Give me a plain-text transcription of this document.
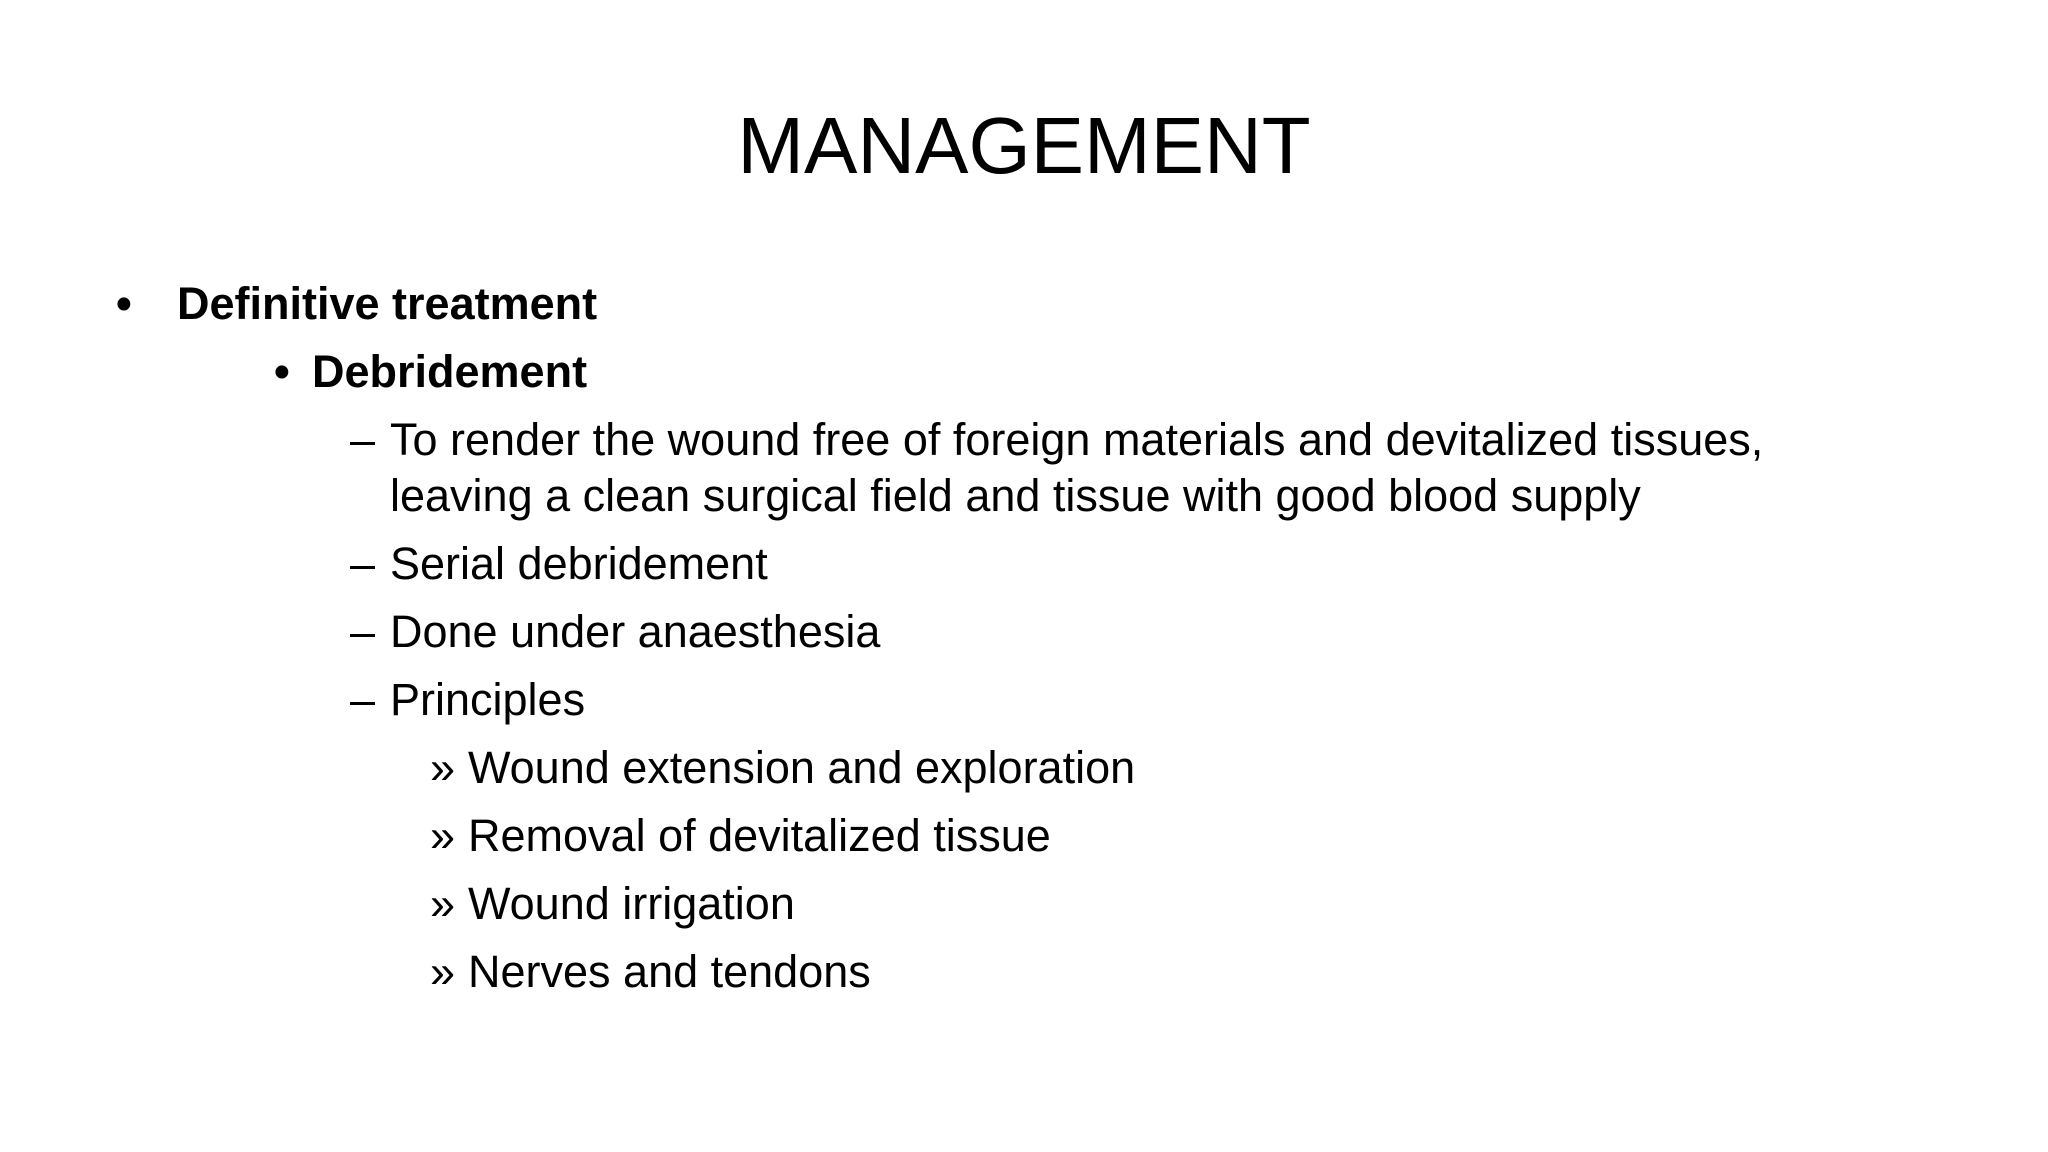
MANAGEMENT
• Definitive treatment
• Debridement
– To render the wound free of foreign materials and devitalized tissues,
leaving a clean surgical field and tissue with good blood supply
– Serial debridement
– Done under anaesthesia
– Principles
» Wound extension and exploration
» Removal of devitalized tissue
» Wound irrigation
» Nerves and tendons
